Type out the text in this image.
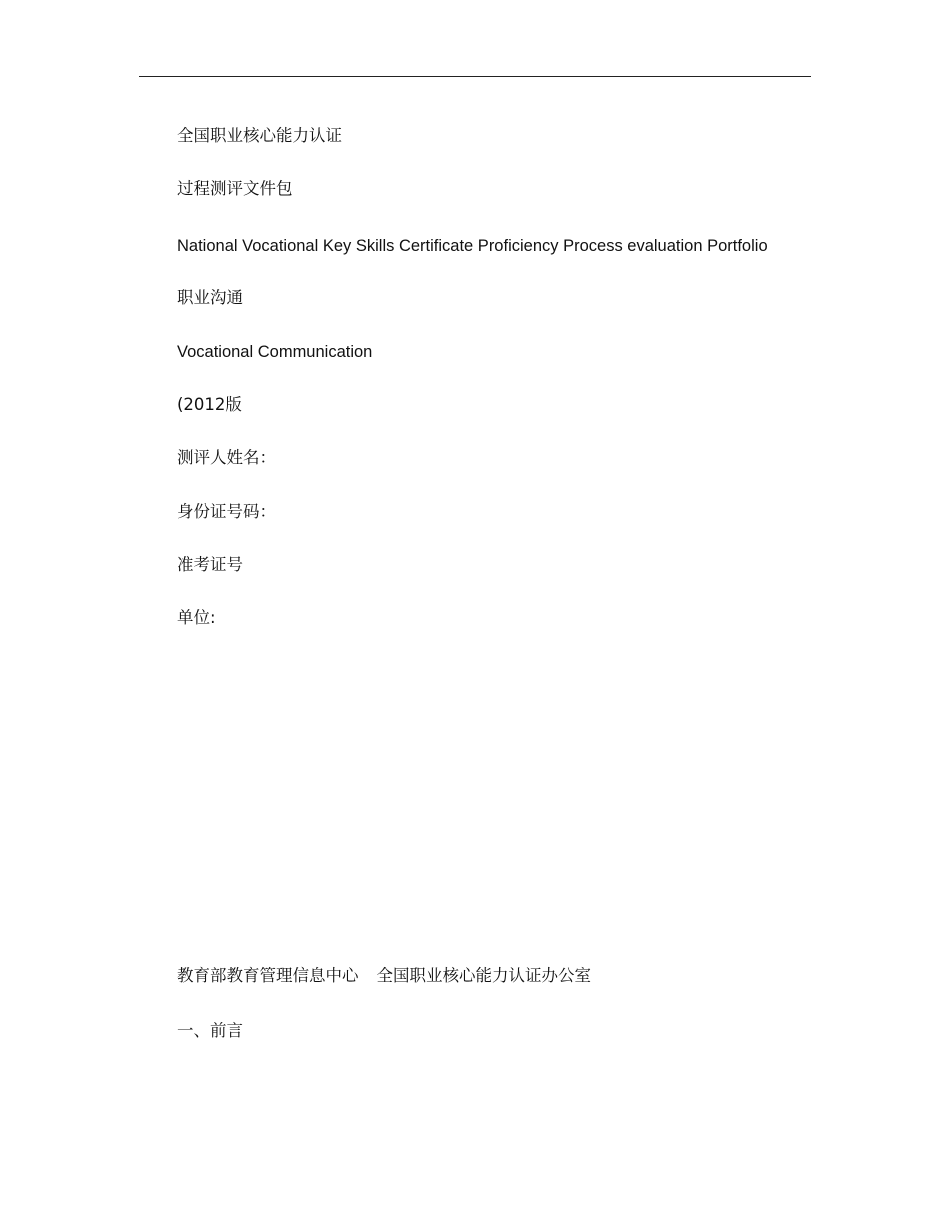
全国职业核心能力认证
过程测评文件包
National Vocational Key Skills Certificate Proficiency Process evaluation Portfolio
职业沟通
Vocational Communication
(2012版
测评人姓名：
身份证号码：
准考证号
单位:
教育部教育管理信息中心 全国职业核心能力认证办公室
一、前言
